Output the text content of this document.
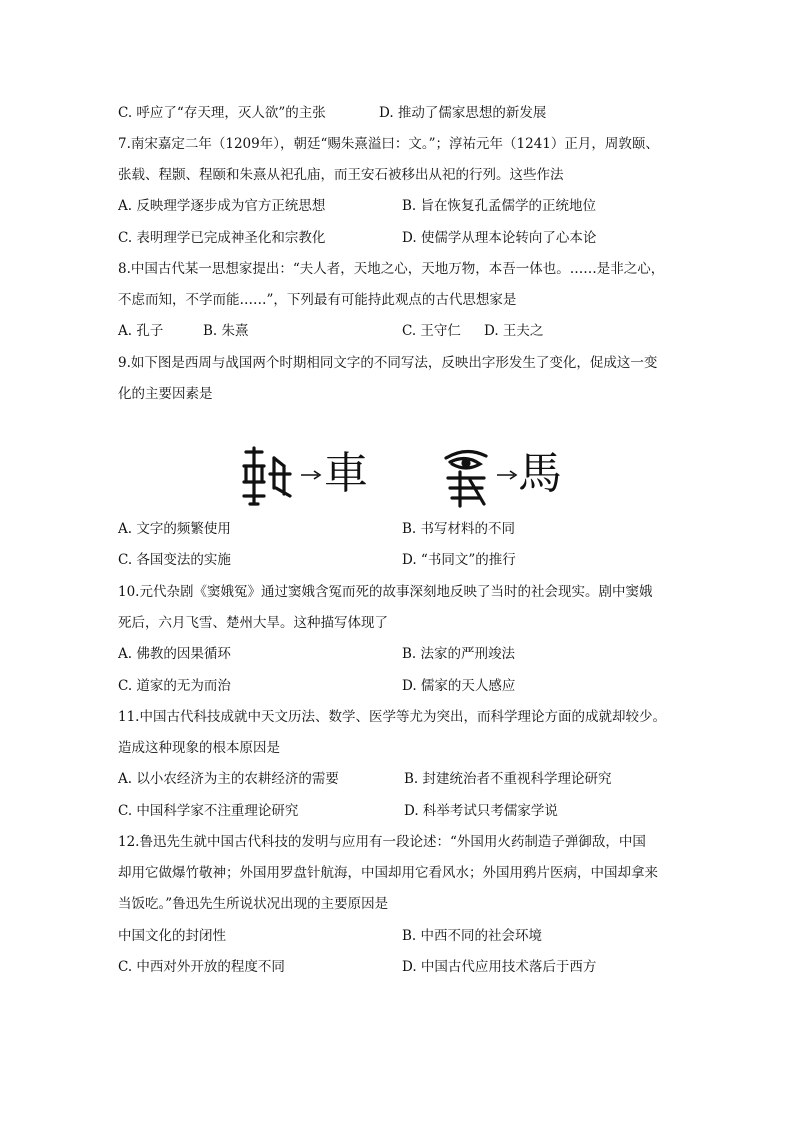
C. 呼应了“存天理，灭人欲”的主张	D. 推动了儒家思想的新发展
7.南宋嘉定二年（1209年），朝廷“赐朱熹溢曰：文。”；淳祐元年（1241）正月，周敦颐、
张载、程颢、程颐和朱熹从祀孔庙，而王安石被移出从祀的行列。这些作法
A. 反映理学逐步成为官方正统思想	B. 旨在恢复孔孟儒学的正统地位
C. 表明理学已完成神圣化和宗教化	D. 使儒学从理本论转向了心本论
8.中国古代某一思想家提出：“夫人者，天地之心，天地万物，本吾一体也。……是非之心，
不虑而知，不学而能……”，下列最有可能持此观点的古代思想家是
A. 孔子	B. 朱熹	C. 王守仁 D. 王夫之
9.如下图是西周与战国两个时期相同文字的不同写法，反映出字形发生了变化，促成这一变
化的主要因素是
車	馬
A. 文字的频繁使用	B. 书写材料的不同
C. 各国变法的实施	D. “书同文”的推行
10.元代杂剧《窦娥冤》通过窦娥含冤而死的故事深刻地反映了当时的社会现实。剧中窦娥
死后，六月飞雪、楚州大旱。这种描写体现了
A. 佛教的因果循环	B. 法家的严刑竣法
C. 道家的无为而治	D. 儒家的天人感应
11.中国古代科技成就中天文历法、数学、医学等尤为突出，而科学理论方面的成就却较少。
造成这种现象的根本原因是
A. 以小农经济为主的农耕经济的需要	B. 封建统治者不重视科学理论研究
C. 中国科学家不注重理论研究	D. 科举考试只考儒家学说
12.鲁迅先生就中国古代科技的发明与应用有一段论述：“外国用火药制造子弹御敌，中国
却用它做爆竹敬神；外国用罗盘针航海，中国却用它看风水；外国用鸦片医病，中国却拿来
当饭吃。”鲁迅先生所说状况出现的主要原因是
中国文化的封闭性	B. 中西不同的社会环境
C. 中西对外开放的程度不同	D. 中国古代应用技术落后于西方
